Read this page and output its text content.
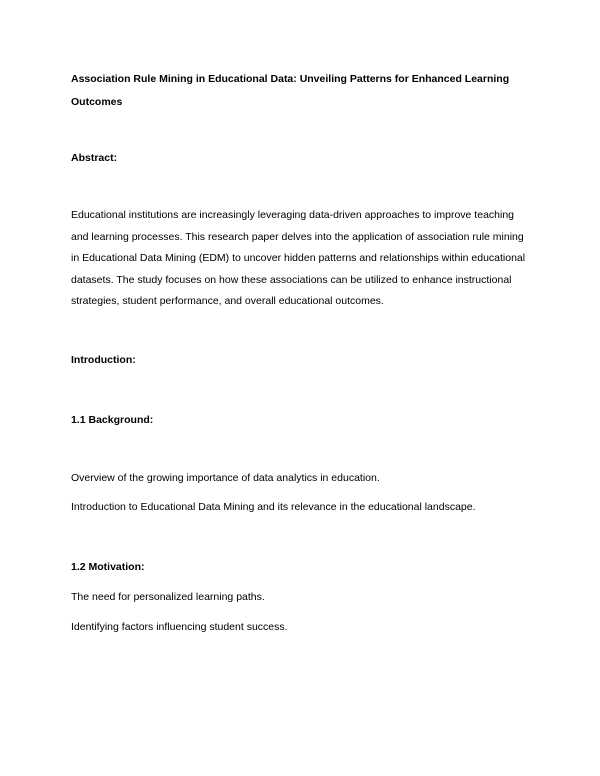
Association Rule Mining in Educational Data: Unveiling Patterns for Enhanced Learning Outcomes

Abstract:

Educational institutions are increasingly leveraging data-driven approaches to improve teaching and learning processes. This research paper delves into the application of association rule mining in Educational Data Mining (EDM) to uncover hidden patterns and relationships within educational datasets. The study focuses on how these associations can be utilized to enhance instructional strategies, student performance, and overall educational outcomes.

Introduction:

1.1 Background:

Overview of the growing importance of data analytics in education.

Introduction to Educational Data Mining and its relevance in the educational landscape.

1.2 Motivation:

The need for personalized learning paths.

Identifying factors influencing student success.
